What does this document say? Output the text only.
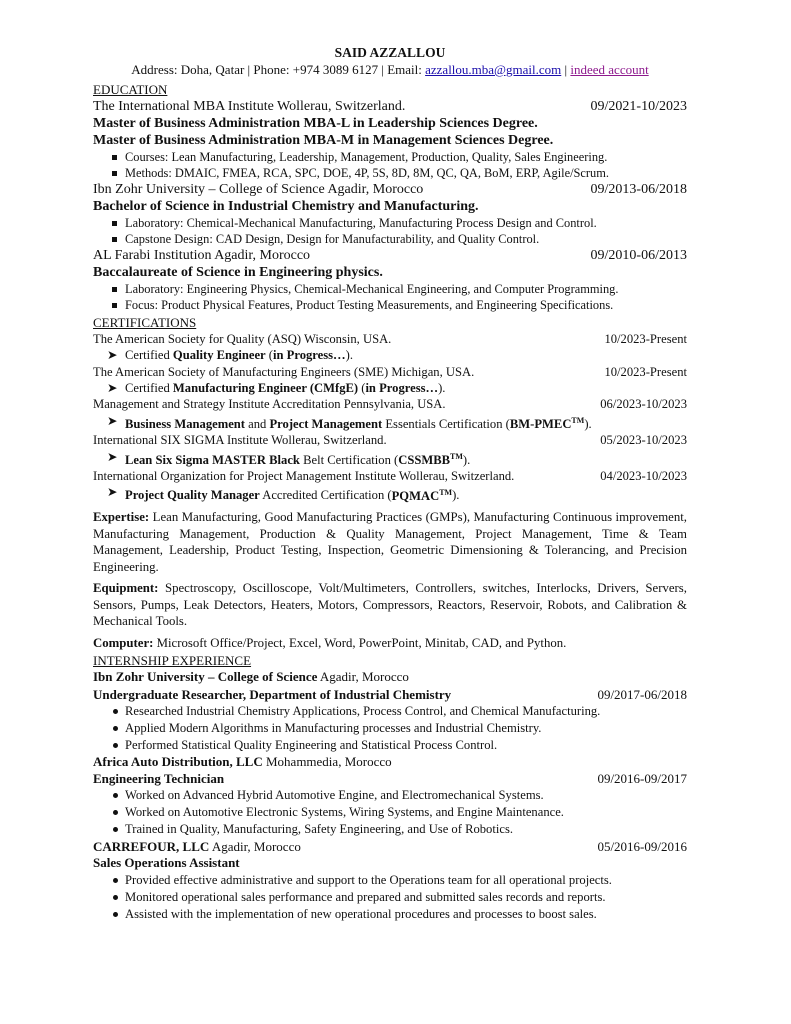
SAID AZZALLOU
Address: Doha, Qatar | Phone: +974 3089 6127 | Email: azzallou.mba@gmail.com | indeed account
EDUCATION
The International MBA Institute Wollerau, Switzerland.	09/2021-10/2023
Master of Business Administration MBA-L in Leadership Sciences Degree.
Master of Business Administration MBA-M in Management Sciences Degree.
Courses: Lean Manufacturing, Leadership, Management, Production, Quality, Sales Engineering.
Methods: DMAIC, FMEA, RCA, SPC, DOE, 4P, 5S, 8D, 8M, QC, QA, BoM, ERP, Agile/Scrum.
Ibn Zohr University – College of Science Agadir, Morocco	09/2013-06/2018
Bachelor of Science in Industrial Chemistry and Manufacturing.
Laboratory: Chemical-Mechanical Manufacturing, Manufacturing Process Design and Control.
Capstone Design: CAD Design, Design for Manufacturability, and Quality Control.
AL Farabi Institution Agadir, Morocco	09/2010-06/2013
Baccalaureate of Science in Engineering physics.
Laboratory: Engineering Physics, Chemical-Mechanical Engineering, and Computer Programming.
Focus: Product Physical Features, Product Testing Measurements, and Engineering Specifications.
CERTIFICATIONS
The American Society for Quality (ASQ) Wisconsin, USA.	10/2023-Present
➤ Certified Quality Engineer (in Progress…).
The American Society of Manufacturing Engineers (SME) Michigan, USA.	10/2023-Present
➤ Certified Manufacturing Engineer (CMfgE) (in Progress…).
Management and Strategy Institute Accreditation Pennsylvania, USA.	06/2023-10/2023
➤ Business Management and Project Management Essentials Certification (BM-PMEC™).
International SIX SIGMA Institute Wollerau, Switzerland.	05/2023-10/2023
➤ Lean Six Sigma MASTER Black Belt Certification (CSSMBB™).
International Organization for Project Management Institute Wollerau, Switzerland.	04/2023-10/2023
➤ Project Quality Manager Accredited Certification (PQMAC™).
Expertise: Lean Manufacturing, Good Manufacturing Practices (GMPs), Manufacturing Continuous improvement, Manufacturing Management, Production & Quality Management, Project Management, Time & Team Management, Leadership, Product Testing, Inspection, Geometric Dimensioning & Tolerancing, and Precision Engineering.
Equipment: Spectroscopy, Oscilloscope, Volt/Multimeters, Controllers, switches, Interlocks, Drivers, Servers, Sensors, Pumps, Leak Detectors, Heaters, Motors, Compressors, Reactors, Reservoir, Robots, and Calibration & Mechanical Tools.
Computer: Microsoft Office/Project, Excel, Word, PowerPoint, Minitab, CAD, and Python.
INTERNSHIP EXPERIENCE
Ibn Zohr University – College of Science Agadir, Morocco
Undergraduate Researcher, Department of Industrial Chemistry	09/2017-06/2018
Researched Industrial Chemistry Applications, Process Control, and Chemical Manufacturing.
Applied Modern Algorithms in Manufacturing processes and Industrial Chemistry.
Performed Statistical Quality Engineering and Statistical Process Control.
Africa Auto Distribution, LLC Mohammedia, Morocco
Engineering Technician	09/2016-09/2017
Worked on Advanced Hybrid Automotive Engine, and Electromechanical Systems.
Worked on Automotive Electronic Systems, Wiring Systems, and Engine Maintenance.
Trained in Quality, Manufacturing, Safety Engineering, and Use of Robotics.
CARREFOUR, LLC Agadir, Morocco	05/2016-09/2016
Sales Operations Assistant
Provided effective administrative and support to the Operations team for all operational projects.
Monitored operational sales performance and prepared and submitted sales records and reports.
Assisted with the implementation of new operational procedures and processes to boost sales.
